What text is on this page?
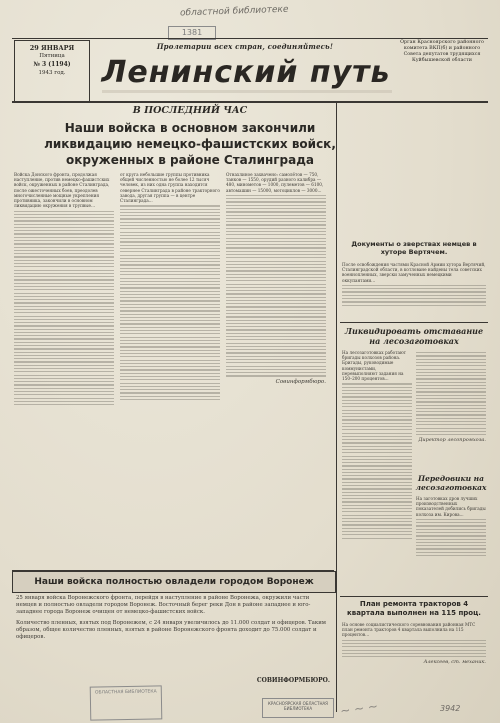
областной библиотеке
1381
29 ЯНВАРЯ
Пятница
№ 3 (1194)
1943 год.
Пролетарии всех стран, соединяйтесь!
Ленинский путь
Орган Красноярского районного комитета ВКП(б) и районного Совета депутатов трудящихся Куйбышевской области
В ПОСЛЕДНИЙ ЧАС
Наши войска в основном закончили
ликвидацию немецко-фашистских войск,
окруженных в районе Сталинграда
Войска Донского фронта, продолжая наступление, против немецко-фашистских войск, окруженных в районе Сталинграда, после ожесточенных боев, преодолев многочисленные мощные укрепления противника, закончили в основном ликвидацию окружения в трупвые...
от круга небольшие группы противника общей численностью не более 12 тысяч человек, из них одна группа находится севернее Сталинграда в районе тракторного завода, другая группа — в центре Сталинграда...
Отнахлиное захвачено: самолётов — 750, танков — 1550, орудий разного калибра — 480, минометов — 1000, пулеметов — 6100, автомашин — 15000, мотоциклов — 3000...
Совинформбюро.
Наши войска полностью овладели городом Воронеж
25 января войска Воронежского фронта, перейдя в наступление в районе Воронежа, окружили части немцев и полностью овладели городом Воронеж. Восточный берег реки Дон в районе западнее и юго-западнее города Воронеж очищен от немецко-фашистских войск.
Количество пленных, взятых под Воронежем, с 24 января увеличилось до 11.000 солдат и офицеров. Таким образом, общее количество пленных, взятых в районе Воронежского фронта доходит до 75.000 солдат и офицеров.
СОВИНФОРМБЮРО.
Документы о зверствах немцев в хуторе Вертячем.
После освобождения частями Красной Армии хутора Вертячий, Сталинградской области, в котловане найдены тела советских военнопленных, зверски замученных немецкими оккупантами...
Ликвидировать отставание на лесозаготовках
На лесозаготовках работают бригады колхозов района. Бригады, руководимые коммунистами, перевыполняют задания на 150–200 процентов...
Директор лесопромхоза.
Передовики на лесозаготовках
На заготовках дров лучших производственных показателей добились бригады колхоза им. Кирова...
План ремонта тракторов 4 квартала выполнен на 115 проц.
На основе социалистического соревнования районная МТС план ремонта тракторов 4 квартала выполнила на 115 процентов...
Алексеев, ст. механик.
ОБЛАСТНАЯ БИБЛИОТЕКА
КРАСНОЯРСКАЯ ОБЛАСТНАЯ БИБЛИОТЕКА	~ ~ ~	3942
